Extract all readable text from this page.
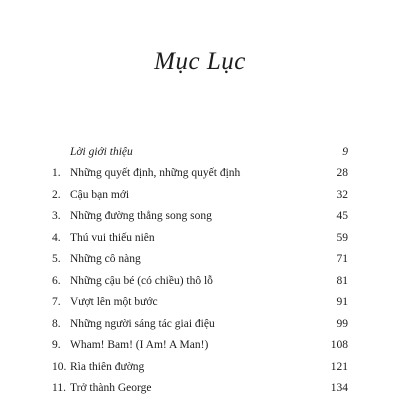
Mục Lục
Lời giới thiệu	9
1. Những quyết định, những quyết định	28
2. Cậu bạn mới	32
3. Những đường thẳng song song	45
4. Thú vui thiếu niên	59
5. Những cô nàng	71
6. Những cậu bé (có chiều) thô lỗ	81
7. Vượt lên một bước	91
8. Những người sáng tác giai điệu	99
9. Wham! Bam! (I Am! A Man!)	108
10. Rìa thiên đường	121
11. Trở thành George	134
